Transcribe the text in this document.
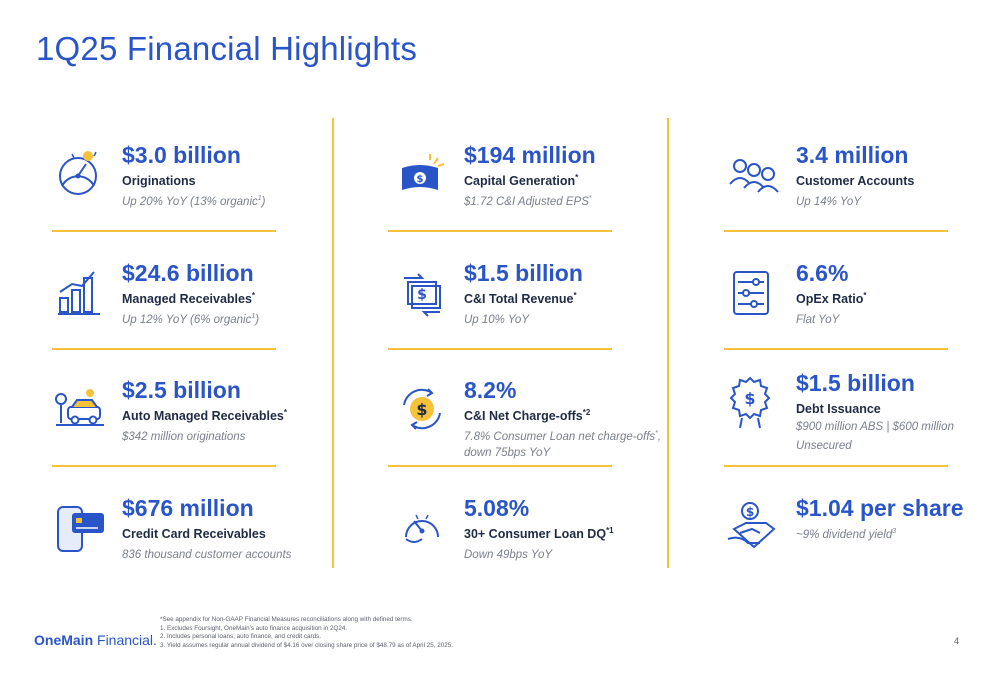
1Q25 Financial Highlights
$3.0 billion
Originations
Up 20% YoY (13% organic$^1$)
$24.6 billion
Managed Receivables*
Up 12% YoY (6% organic$^1$)
$2.5 billion
Auto Managed Receivables*
$342 million originations
$676 million
Credit Card Receivables
836 thousand customer accounts
$
$194 million
Capital Generation*
$1.72 C&I Adjusted EPS*
$
$1.5 billion
C&I Total Revenue*
Up 10% YoY
$
8.2%
C&I Net Charge-offs$^{*2}$
7.8% Consumer Loan net charge-offs*, down 75bps YoY
5.08%
30+ Consumer Loan DQ$^{*1}$
Down 49bps YoY
3.4 million
Customer Accounts
Up 14% YoY
6.6%
OpEx Ratio*
Flat YoY
$
$1.5 billion
Debt Issuance
$900 million ABS | $600 million Unsecured
$ $1.04 per share
~9% dividend yield$^3$
OneMain Financial.
*See appendix for Non-GAAP Financial Measures reconciliations along with defined terms.
1. Excludes Foursight, OneMain’s auto finance acquisition in 2Q24.
2. Includes personal loans, auto finance, and credit cards.
3. Yield assumes regular annual dividend of $4.16 over closing share price of $48.79 as of April 25, 2025.	4
